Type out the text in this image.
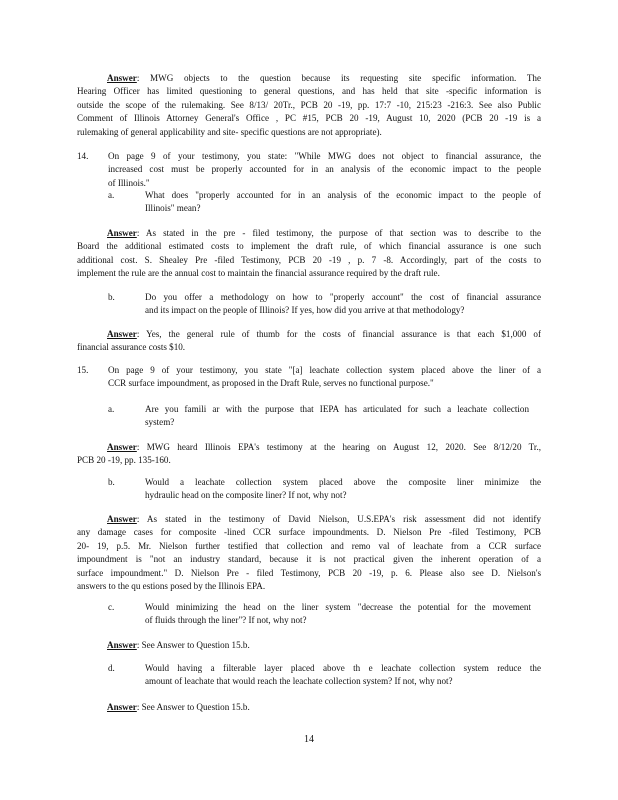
Answer: MWG objects to the question because its requesting site specific information. The
Hearing Officer has limited questioning to general questions, and has held that site -specific information is
outside the scope of the rulemaking. See 8/13/ 20Tr., PCB 20 -19, pp. 17:7 -10, 215:23 -216:3. See also Public
Comment of Illinois Attorney General's Office , PC #15, PCB 20 -19, August 10, 2020 (PCB 20 -19 is a
rulemaking of general applicability and site- specific questions are not appropriate).
14. On page 9 of your testimony, you state: "While MWG does not object to financial assurance, the
increased cost must be properly accounted for in an analysis of the economic impact to the people
of Illinois."
a.	What does "properly accounted for in an analysis of the economic impact to the people of
Illinois" mean?
Answer: As stated in the pre - filed testimony, the purpose of that section was to describe to the
Board the additional estimated costs to implement the draft rule, of which financial assurance is one such
additional cost. S. Shealey Pre -filed Testimony, PCB 20 -19 , p. 7 -8. Accordingly, part of the costs to
implement the rule are the annual cost to maintain the financial assurance required by the draft rule.
b.	Do you offer a methodology on how to "properly account" the cost of financial assurance
and its impact on the people of Illinois? If yes, how did you arrive at that methodology?
Answer: Yes, the general rule of thumb for the costs of financial assurance is that each $1,000 of
financial assurance costs $10.
15. On page 9 of your testimony, you state "[a] leachate collection system placed above the liner of a
CCR surface impoundment, as proposed in the Draft Rule, serves no functional purpose."
a.	Are you famili ar with the purpose that IEPA has articulated for such a leachate collection
system?
Answer: MWG heard Illinois EPA's testimony at the hearing on August 12, 2020. See 8/12/20 Tr.,
PCB 20 -19, pp. 135-160.
b.	Would a leachate collection system placed above the composite liner minimize the
hydraulic head on the composite liner? If not, why not?
Answer: As stated in the testimony of David Nielson, U.S.EPA's risk assessment did not identify
any damage cases for composite -lined CCR surface impoundments. D. Nielson Pre -filed Testimony, PCB
20- 19, p.5. Mr. Nielson further testified that collection and remo val of leachate from a CCR surface
impoundment is "not an industry standard, because it is not practical given the inherent operation of a
surface impoundment." D. Nielson Pre - filed Testimony, PCB 20 -19, p. 6. Please also see D. Nielson's
answers to the qu estions posed by the Illinois EPA.
c.	Would minimizing the head on the liner system "decrease the potential for the movement
of fluids through the liner"? If not, why not?
Answer: See Answer to Question 15.b.
d.	Would having a filterable layer placed above th e leachate collection system reduce the
amount of leachate that would reach the leachate collection system? If not, why not?
Answer: See Answer to Question 15.b.
14
